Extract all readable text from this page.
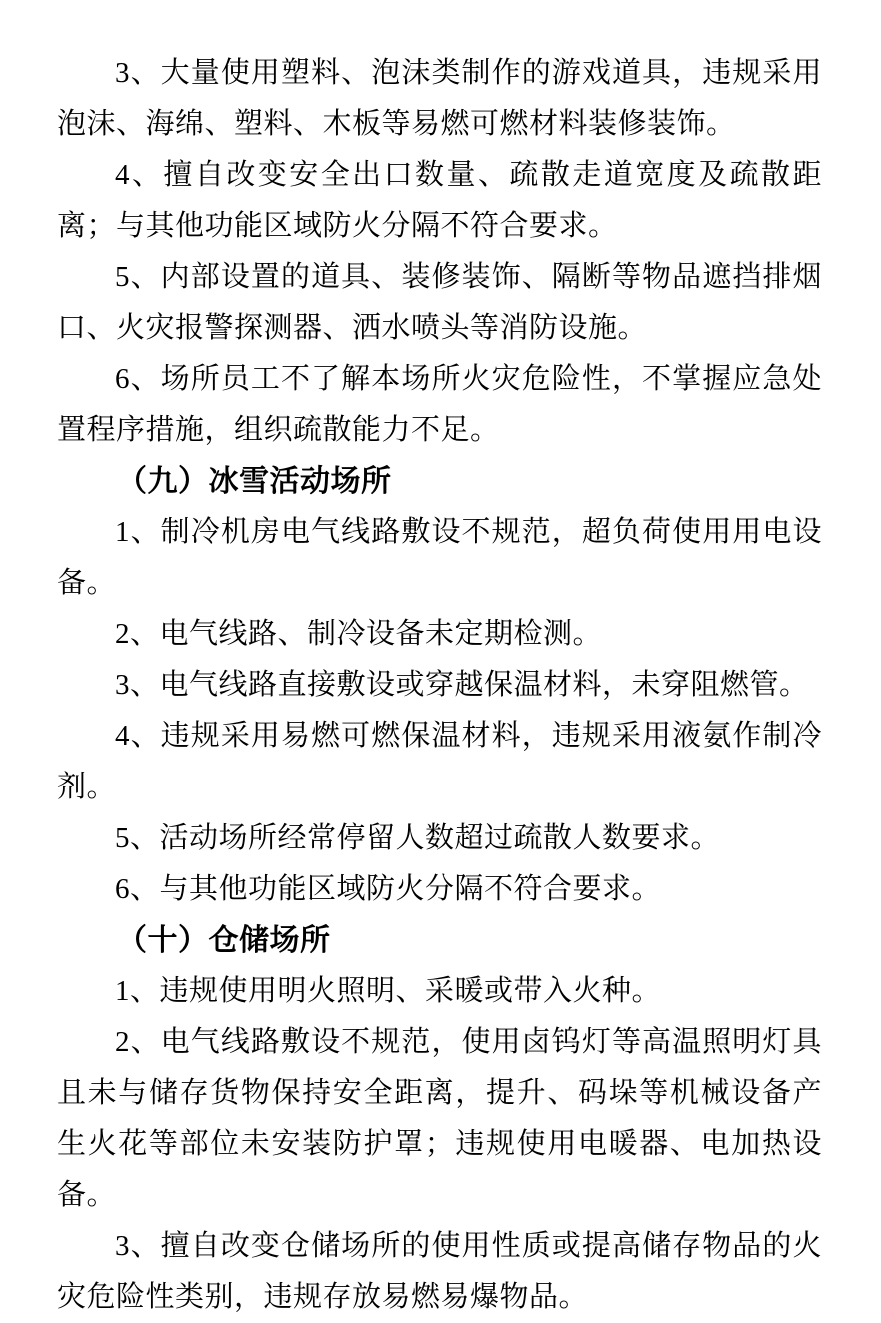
3、大量使用塑料、泡沫类制作的游戏道具，违规采用泡沫、海绵、塑料、木板等易燃可燃材料装修装饰。

4、擅自改变安全出口数量、疏散走道宽度及疏散距离；与其他功能区域防火分隔不符合要求。

5、内部设置的道具、装修装饰、隔断等物品遮挡排烟口、火灾报警探测器、洒水喷头等消防设施。

6、场所员工不了解本场所火灾危险性，不掌握应急处置程序措施，组织疏散能力不足。

（九）冰雪活动场所

1、制冷机房电气线路敷设不规范，超负荷使用用电设备。

2、电气线路、制冷设备未定期检测。

3、电气线路直接敷设或穿越保温材料，未穿阻燃管。

4、违规采用易燃可燃保温材料，违规采用液氨作制冷剂。

5、活动场所经常停留人数超过疏散人数要求。

6、与其他功能区域防火分隔不符合要求。

（十）仓储场所

1、违规使用明火照明、采暖或带入火种。

2、电气线路敷设不规范，使用卤钨灯等高温照明灯具且未与储存货物保持安全距离，提升、码垛等机械设备产生火花等部位未安装防护罩；违规使用电暖器、电加热设备。

3、擅自改变仓储场所的使用性质或提高储存物品的火灾危险性类别，违规存放易燃易爆物品。
